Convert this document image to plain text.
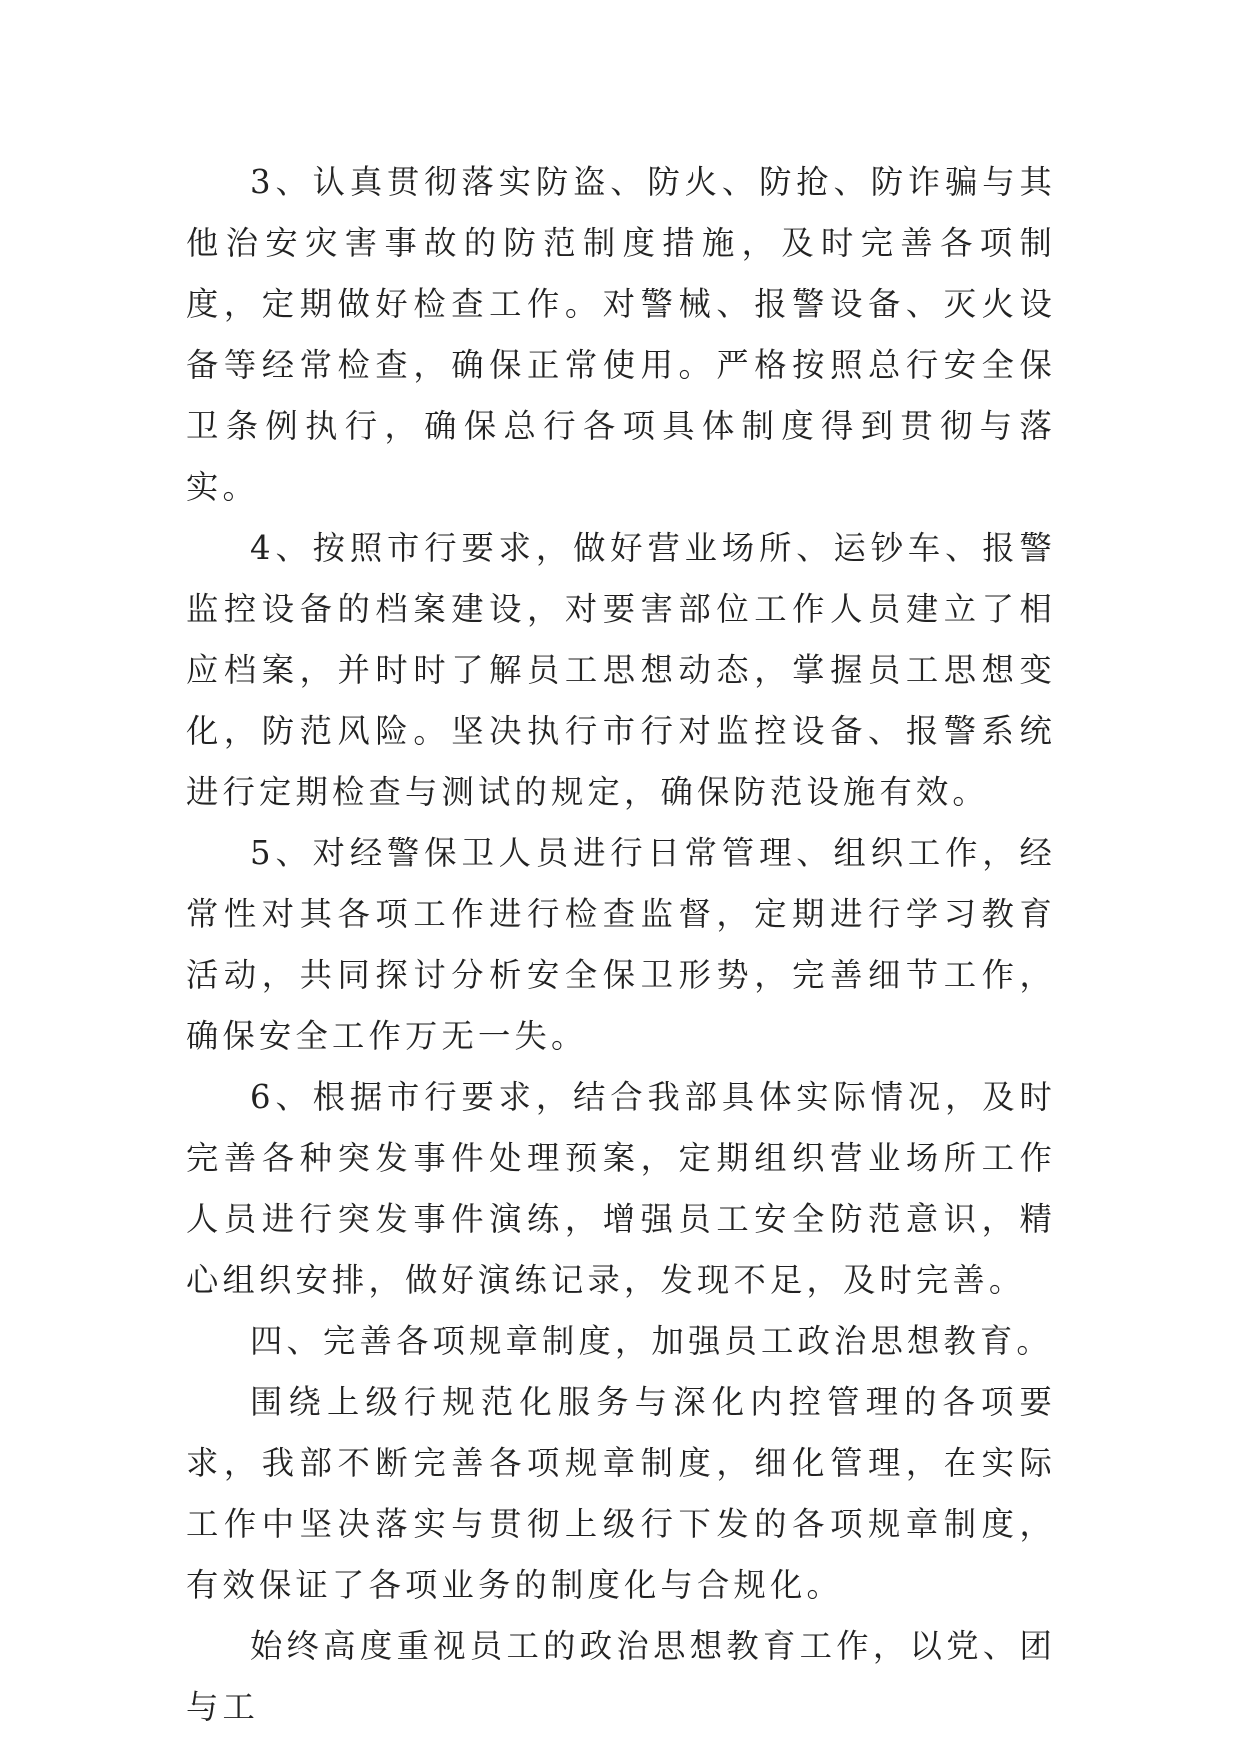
3、认真贯彻落实防盗、防火、防抢、防诈骗与其他治安灾害事故的防范制度措施，及时完善各项制度，定期做好检查工作。对警械、报警设备、灭火设备等经常检查，确保正常使用。严格按照总行安全保卫条例执行，确保总行各项具体制度得到贯彻与落实。

4、按照市行要求，做好营业场所、运钞车、报警监控设备的档案建设，对要害部位工作人员建立了相应档案，并时时了解员工思想动态，掌握员工思想变化，防范风险。坚决执行市行对监控设备、报警系统进行定期检查与测试的规定，确保防范设施有效。

5、对经警保卫人员进行日常管理、组织工作，经常性对其各项工作进行检查监督，定期进行学习教育活动，共同探讨分析安全保卫形势，完善细节工作，确保安全工作万无一失。

6、根据市行要求，结合我部具体实际情况，及时完善各种突发事件处理预案，定期组织营业场所工作人员进行突发事件演练，增强员工安全防范意识，精心组织安排，做好演练记录，发现不足，及时完善。

四、完善各项规章制度，加强员工政治思想教育。

围绕上级行规范化服务与深化内控管理的各项要求，我部不断完善各项规章制度，细化管理，在实际工作中坚决落实与贯彻上级行下发的各项规章制度，有效保证了各项业务的制度化与合规化。

始终高度重视员工的政治思想教育工作，以党、团与工
